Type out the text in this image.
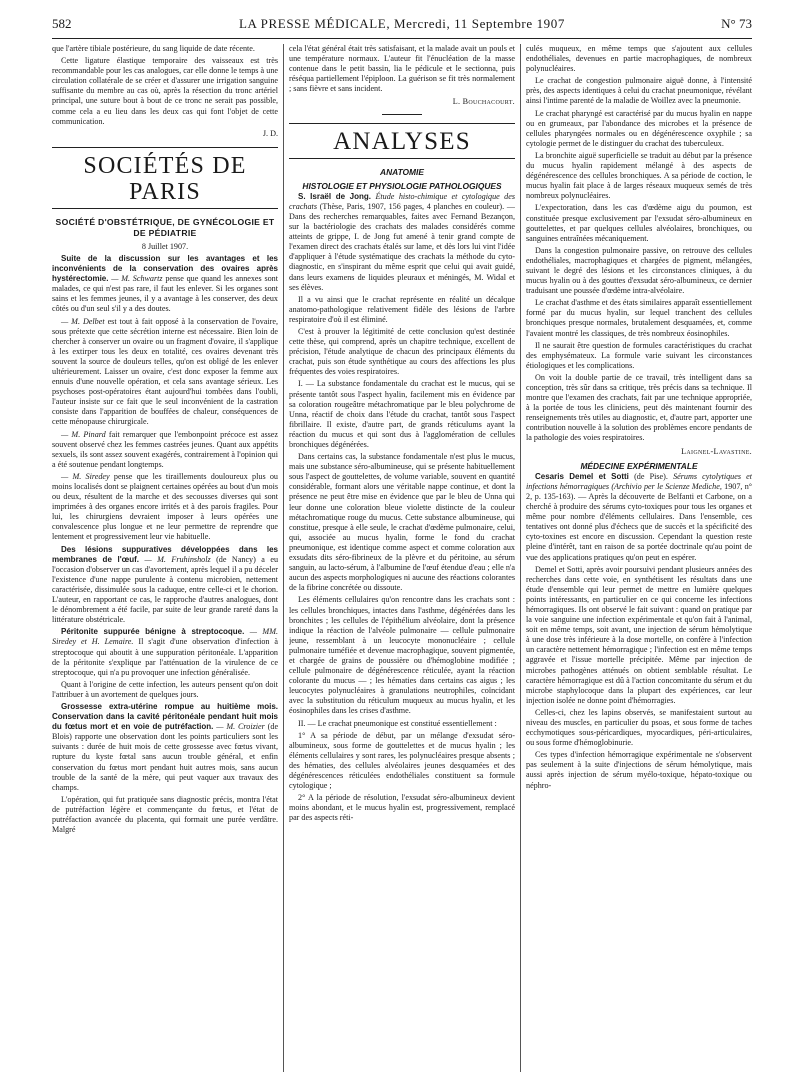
582	LA PRESSE MÉDICALE, Mercredi, 11 Septembre 1907	N° 73

que l'artère tibiale postérieure, du sang liquide de date récente.

Cette ligature élastique temporaire des vaisseaux est très recommandable pour les cas analogues, car elle donne le temps à une circulation collatérale de se créer et d'assurer une irrigation sanguine suffisante du membre au cas où, après la résection du tronc artériel principal, une suture bout à bout de ce tronc ne serait pas possible, comme cela a eu lieu dans les deux cas qui font l'objet de cette communication.

J. D.

SOCIÉTÉS DE PARIS
SOCIÉTÉ D'OBSTÉTRIQUE, DE GYNÉCOLOGIE ET DE PÉDIATRIE

8 Juillet 1907.

Suite de la discussion sur les avantages et les inconvénients de la conservation des ovaires après hystérectomie. — M. Schwartz pense que quand les annexes sont malades, ce qui n'est pas rare, il faut les enlever. Si les organes sont sains et les femmes jeunes, il y a avantage à les conserver, des deux côtés ou d'un seul s'il y a des doutes.

— M. Delbet est tout à fait opposé à la conservation de l'ovaire, sous prétexte que cette sécrétion interne est nécessaire. Bien loin de chercher à conserver un ovaire ou un fragment d'ovaire, il s'applique à les extirper tous les deux en totalité, ces ovaires devenant très souvent la source de douleurs telles, qu'on est obligé de les enlever ultérieurement. Laisser un ovaire, c'est donc exposer la femme aux ennuis d'une nouvelle opération, et cela sans avantage sérieux. Les psychoses post-opératoires étant aujourd'hui tombées dans l'oubli, l'auteur insiste sur ce fait que le seul inconvénient de la castration consiste dans l'apparition de bouffées de chaleur, conséquences de cette ménopause chirurgicale.

— M. Pinard fait remarquer que l'embonpoint précoce est assez souvent observé chez les femmes castrées jeunes. Quant aux appétits sexuels, ils sont assez souvent exagérés, contrairement à l'opinion qui a été soutenue pendant longtemps.

— M. Siredey pense que les tiraillements douloureux plus ou moins localisés dont se plaignent certaines opérées au bout d'un mois ou deux, résultent de la marche et des secousses diverses qui sont imprimées à des organes encore irrités et à des parois fragiles. Pour lui, les chirurgiens devraient imposer à leurs opérées une convalescence plus longue et ne leur permettre de reprendre que lentement et progressivement leur vie habituelle.

Des lésions suppuratives développées dans les membranes de l'œuf. — M. Fruhinsholz (de Nancy) a eu l'occasion d'observer un cas d'avortement, après lequel il a pu déceler l'existence d'une nappe purulente à contenu microbien, nettement caractérisée, dissimulée sous la caduque, entre celle-ci et le chorion. L'auteur, en rapportant ce cas, le rapproche d'autres analogues, dont le dénombrement a été facile, par suite de leur grande rareté dans la littérature obstétricale.

Péritonite suppurée bénigne à streptocoque. — MM. Siredey et H. Lemaire. Il s'agit d'une observation d'infection à streptocoque qui aboutit à une suppuration péritonéale. L'apparition de la péritonite s'explique par l'atténuation de la virulence de ce streptocoque, qui n'a pu provoquer une infection généralisée.

Quant à l'origine de cette infection, les auteurs pensent qu'on doit l'attribuer à un avortement de quelques jours.

Grossesse extra-utérine rompue au huitième mois. Conservation dans la cavité péritonéale pendant huit mois du fœtus mort et en voie de putréfaction. — M. Croizier (de Blois) rapporte une observation dont les points particuliers sont les suivants : durée de huit mois de cette grossesse avec fœtus vivant, rupture du kyste fœtal sans aucun trouble général, et enfin conservation du fœtus mort pendant huit autres mois, sans aucun trouble de la santé de la mère, qui peut vaquer aux travaux des champs.

L'opération, qui fut pratiquée sans diagnostic précis, montra l'état de putréfaction légère et commençante du fœtus, et l'état de putréfaction avancée du placenta, qui formait une purée verdâtre. Malgré

cela l'état général était très satisfaisant, et la malade avait un pouls et une température normaux. L'auteur fit l'énucléation de la masse contenue dans le petit bassin, lia le pédicule et le sectionna, puis réséqua partiellement l'épiploon. La guérison se fit très normalement ; sans fièvre et sans incident.

L. Bouchacourt.

ANALYSES
ANATOMIE
HISTOLOGIE ET PHYSIOLOGIE PATHOLOGIQUES

S. Israël de Jong. Étude histo-chimique et cytologique des crachats (Thèse, Paris, 1907, 156 pages, 4 planches en couleur). — Dans des recherches remarquables, faites avec Fernand Bezançon, sur la bactériologie des crachats des malades considérés comme atteints de grippe, I. de Jong fut amené à tenir grand compte de l'examen direct des crachats étalés sur lame, et dès lors lui vint l'idée d'appliquer à l'étude systématique des crachats la méthode du cyto-diagnostic, en s'inspirant du même esprit que celui qui avait guidé, dans leurs examens de liquides pleuraux et méningés, M. Widal et ses élèves.

Il a vu ainsi que le crachat représente en réalité un décalque anatomo-pathologique relativement fidèle des lésions de l'arbre respiratoire d'où il est éliminé.

C'est à prouver la légitimité de cette conclusion qu'est destinée cette thèse, qui comprend, après un chapitre technique, excellent de précision, l'étude analytique de chacun des principaux éléments du crachat, puis son étude synthétique au cours des affections les plus fréquentes des voies respiratoires.

I. — La substance fondamentale du crachat est le mucus, qui se présente tantôt sous l'aspect hyalin, facilement mis en évidence par sa coloration rougeâtre métachromatique par le bleu polychrome de Unna, réactif de choix dans l'étude du crachat, tantôt sous l'aspect fibrillaire. Il existe, d'autre part, de grands réticulums ayant la réaction du mucus et qui sont dus à l'agglomération de cellules bronchiques dégénérées.

Dans certains cas, la substance fondamentale n'est plus le mucus, mais une substance séro-albumineuse, qui se présente habituellement sous l'aspect de gouttelettes, de volume variable, souvent en quantité considérable, formant alors une véritable nappe continue, et dont la présence ne peut être mise en évidence que par le bleu de Unna qui leur donne une coloration bleue violette distincte de la couleur métachromatique rouge du mucus. Cette substance albumineuse, qui constitue, presque à elle seule, le crachat d'œdème pulmonaire, celui, qui, associée au mucus hyalin, forme le fond du crachat pneumonique, est identique comme aspect et comme coloration aux exsudats dits séro-fibrineux de la plèvre et du péritoine, au sérum sanguin, au lacto-sérum, à l'albumine de l'œuf étendue d'eau ; elle n'a aucun des aspects morphologiques ni aucune des réactions colorantes de la fibrine concrétée ou dissoute.

Les éléments cellulaires qu'on rencontre dans les crachats sont : les cellules bronchiques, intactes dans l'asthme, dégénérées dans les bronchites ; les cellules de l'épithélium alvéolaire, dont la présence indique la réaction de l'alvéole pulmonaire — cellule pulmonaire jeune, ressemblant à un leucocyte mononucléaire ; cellule pulmonaire tuméfiée et devenue macrophagique, souvent pigmentée, et chargée de grains de poussière ou d'hémoglobine modifiée ; cellule pulmonaire de dégénérescence réticulée, ayant la réaction colorante du mucus — ; les hématies dans certains cas aigus ; les leucocytes polynucléaires à granulations neutrophiles, coïncidant avec la substitution du réticulum muqueux au mucus hyalin, et les éosinophiles dans les crises d'asthme.

II. — Le crachat pneumonique est constitué essentiellement :

1° A sa période de début, par un mélange d'exsudat séro-albumineux, sous forme de gouttelettes et de mucus hyalin ; les éléments cellulaires y sont rares, les polynucléaires presque absents ; des hématies, des cellules alvéolaires jeunes desquamées et des dégénérescences réticulées endothéliales constituent sa formule cytologique ;

2° A la période de résolution, l'exsudat séro-albumineux devient moins abondant, et le mucus hyalin est, progressivement, remplacé par des aspects réti-

culés muqueux, en même temps que s'ajoutent aux cellules endothéliales, devenues en partie macrophagiques, de nombreux polynucléaires.

Le crachat de congestion pulmonaire aiguë donne, à l'intensité près, des aspects identiques à celui du crachat pneumonique, révélant ainsi l'intime parenté de la maladie de Woillez avec la pneumonie.

Le crachat pharyngé est caractérisé par du mucus hyalin en nappe ou en grumeaux, par l'abondance des microbes et la présence de cellules pharyngées normales ou en dégénérescence oxyphile ; sa cytologie permet de le distinguer du crachat des tuberculeux.

La bronchite aiguë superficielle se traduit au début par la présence du mucus hyalin rapidement mélangé à des aspects de dégénérescence des cellules bronchiques. A sa période de coction, le mucus hyalin fait place à de larges réseaux muqueux semés de très nombreux polynucléaires.

L'expectoration, dans les cas d'œdème aigu du poumon, est constituée presque exclusivement par l'exsudat séro-albumineux en gouttelettes, et par quelques cellules alvéolaires, bronchiques, ou sanguines entraînées mécaniquement.

Dans la congestion pulmonaire passive, on retrouve des cellules endothéliales, macrophagiques et chargées de pigment, mélangées, suivant le degré des lésions et les circonstances cliniques, à du mucus hyalin ou à des gouttes d'exsudat séro-albumineux, ce dernier traduisant une poussée d'œdème intra-alvéolaire.

Le crachat d'asthme et des états similaires apparaît essentiellement formé par du mucus hyalin, sur lequel tranchent des cellules bronchiques presque normales, brutalement desquamées, et, comme l'avaient montré les classiques, de très nombreux éosinophiles.

Il ne saurait être question de formules caractéristiques du crachat des emphysémateux. La formule varie suivant les circonstances étiologiques et les complications.

On voit la double partie de ce travail, très intelligent dans sa conception, très sûr dans sa critique, très précis dans sa technique. Il montre que l'examen des crachats, fait par une technique appropriée, à la portée de tous les cliniciens, peut dès maintenant fournir des renseignements très utiles au diagnostic, et, d'autre part, apporter une contribution nouvelle à la solution des problèmes encore pendants de la pathologie des voies respiratoires.

Laignel-Lavastine.

MÉDECINE EXPÉRIMENTALE

Cesaris Demel et Sotti (de Pise). Sérums cytolytiques et infections hémorragiques (Archivio per le Scienze Mediche, 1907, n° 2, p. 135-163). — Après la découverte de Belfanti et Carbone, on a cherché à produire des sérums cyto-toxiques pour tous les organes et même pour nombre d'éléments cellulaires. Dans l'ensemble, ces tentatives ont donné plus d'échecs que de succès et la spécificité des cyto-toxines est encore en discussion. Cependant la question reste pleine d'intérêt, tant en raison de sa portée doctrinale qu'au point de vue des applications pratiques qu'on peut en espérer.

Demel et Sotti, après avoir poursuivi pendant plusieurs années des recherches dans cette voie, en synthétisent les résultats dans une étude d'ensemble qui leur permet de mettre en lumière quelques points intéressants, en particulier en ce qui concerne les infections hémorragiques. Ils ont observé le fait suivant : quand on pratique par la voie sanguine une infection expérimentale et qu'on fait à l'animal, soit en même temps, soit avant, une injection de sérum hémolytique à une dose très inférieure à la dose mortelle, on confère à l'infection un caractère nettement hémorragique ; l'infection est en même temps aggravée et l'issue mortelle précipitée. Même par injection de microbes pathogènes atténués on obtient semblable résultat. Le caractère hémorragique est dû à l'action concomitante du sérum et du microbe staphylocoque dans la plupart des expériences, car leur injection isolée ne donne point d'hémorragies.

Celles-ci, chez les lapins observés, se manifestaient surtout au niveau des muscles, en particulier du psoas, et sous forme de taches ecchymotiques sous-péricardiques, myocardiques, péri-articulaires, ou sous forme d'hémoglobinurie.

Ces types d'infection hémorragique expérimentale ne s'observent pas seulement à la suite d'injections de sérum hémolytique, mais aussi après injection de sérum myélo-toxique, hépato-toxique ou néphro-
